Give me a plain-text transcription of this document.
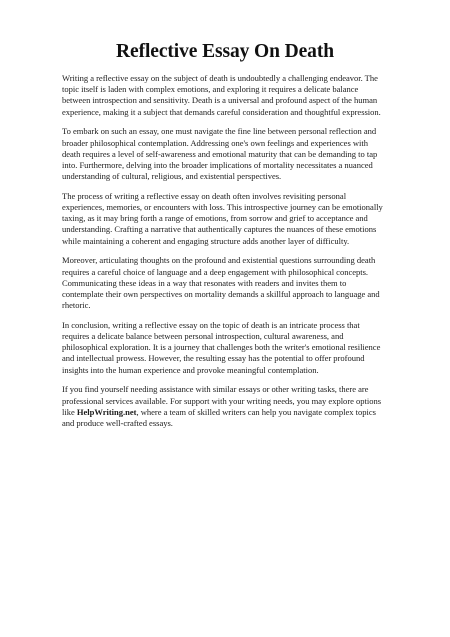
Reflective Essay On Death

Writing a reflective essay on the subject of death is undoubtedly a challenging endeavor. The topic itself is laden with complex emotions, and exploring it requires a delicate balance between introspection and sensitivity. Death is a universal and profound aspect of the human experience, making it a subject that demands careful consideration and thoughtful expression.

To embark on such an essay, one must navigate the fine line between personal reflection and broader philosophical contemplation. Addressing one's own feelings and experiences with death requires a level of self-awareness and emotional maturity that can be demanding to tap into. Furthermore, delving into the broader implications of mortality necessitates a nuanced understanding of cultural, religious, and existential perspectives.

The process of writing a reflective essay on death often involves revisiting personal experiences, memories, or encounters with loss. This introspective journey can be emotionally taxing, as it may bring forth a range of emotions, from sorrow and grief to acceptance and understanding. Crafting a narrative that authentically captures the nuances of these emotions while maintaining a coherent and engaging structure adds another layer of difficulty.

Moreover, articulating thoughts on the profound and existential questions surrounding death requires a careful choice of language and a deep engagement with philosophical concepts. Communicating these ideas in a way that resonates with readers and invites them to contemplate their own perspectives on mortality demands a skillful approach to language and rhetoric.

In conclusion, writing a reflective essay on the topic of death is an intricate process that requires a delicate balance between personal introspection, cultural awareness, and philosophical exploration. It is a journey that challenges both the writer's emotional resilience and intellectual prowess. However, the resulting essay has the potential to offer profound insights into the human experience and provoke meaningful contemplation.

If you find yourself needing assistance with similar essays or other writing tasks, there are professional services available. For support with your writing needs, you may explore options like HelpWriting.net, where a team of skilled writers can help you navigate complex topics and produce well-crafted essays.
